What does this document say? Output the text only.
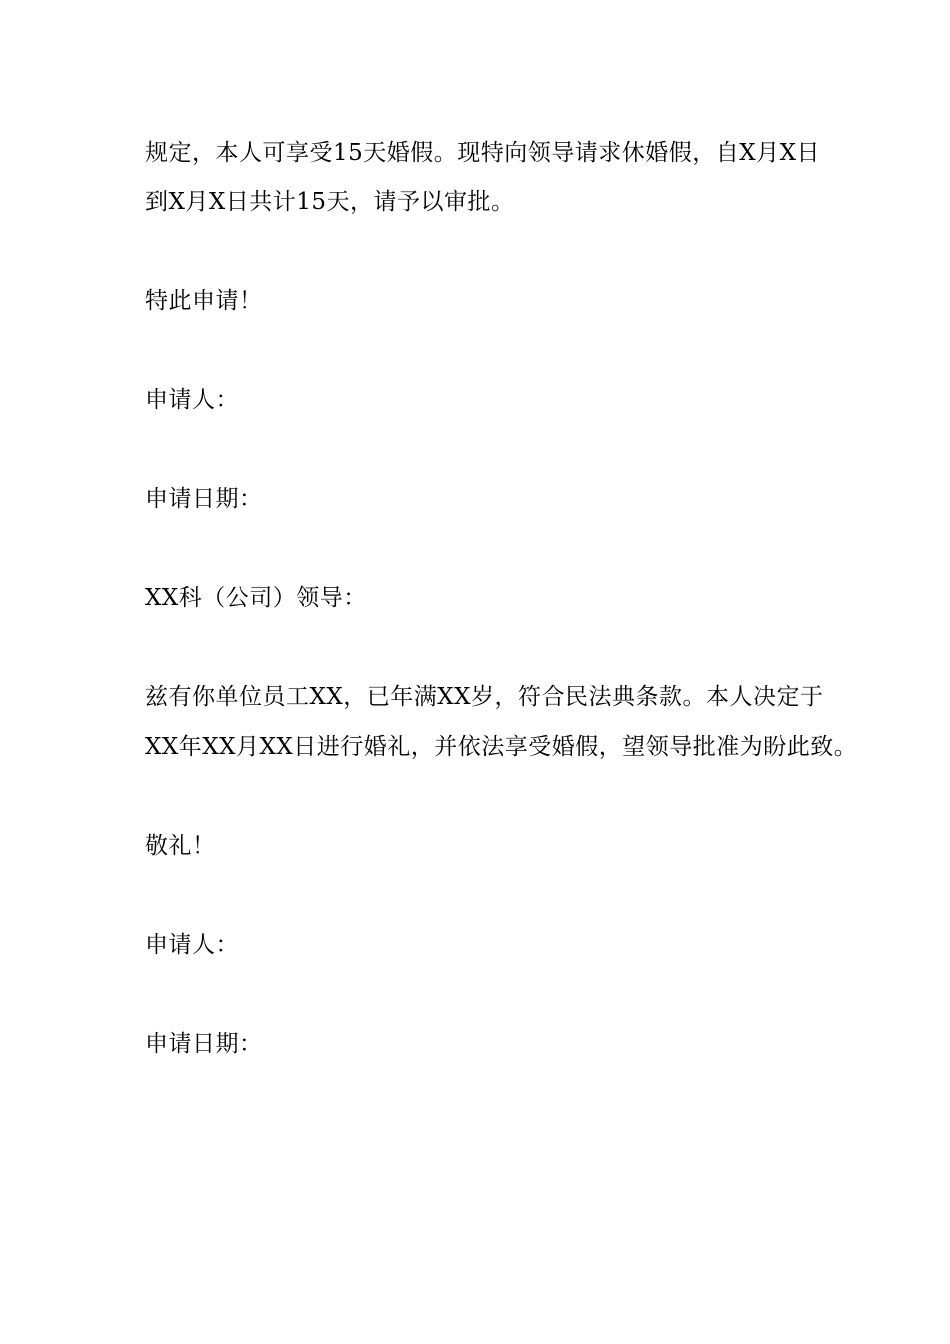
规定，本人可享受15天婚假。现特向领导请求休婚假，自X月X日
到X月X日共计15天，请予以审批。
特此申请！
申请人：
申请日期：
XX科（公司）领导：
兹有你单位员工XX，已年满XX岁，符合民法典条款。本人决定于
XX年XX月XX日进行婚礼，并依法享受婚假，望领导批准为盼此致。
敬礼！
申请人：
申请日期：
